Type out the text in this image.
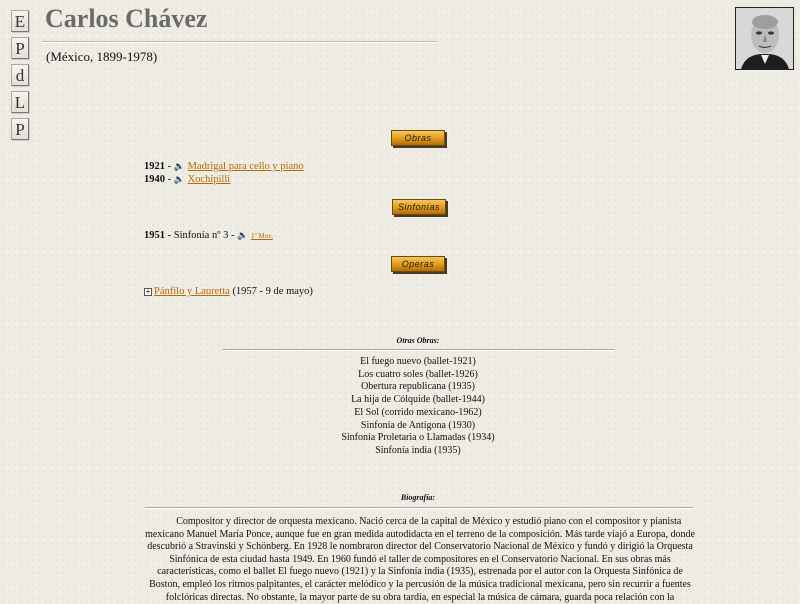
E
P
d
L
P
Carlos Chávez
(México, 1899-1978)
Obras
1921 - 🔈 Madrigal para cello y piano
1940 - 🔈 Xochipilli
Sinfonías
1951 - Sinfonía nº 3 - 🔈 1º Mov.
Operas
+ Pánfilo y Lauretta (1957 - 9 de mayo)
Otras Obras:
El fuego nuevo (ballet-1921)
Los cuatro soles (ballet-1926)
Obertura republicana (1935)
La hija de Cólquide (ballet-1944)
El Sol (corrido mexicano-1962)
Sinfonía de Antígona (1930)
Sinfonía Proletaria o Llamadas (1934)
Sinfonía india (1935)
Biografía:
Compositor y director de orquesta mexicano. Nació cerca de la capital de México y estudió piano con el compositor y pianista mexicano Manuel María Ponce, aunque fue en gran medida autodidacta en el terreno de la composición. Más tarde viajó a Europa, donde descubrió a Stravinski y Schönberg. En 1928 le nombraron director del Conservatorio Nacional de México y fundó y dirigió la Orquesta Sinfónica de esta ciudad hasta 1949. En 1960 fundó el taller de compositores en el Conservatorio Nacional. En sus obras más características, como el ballet El fuego nuevo (1921) y la Sinfonía india (1935), estrenada por el autor con la Orquesta Sinfónica de Boston, empleó los ritmos palpitantes, el carácter melódico y la percusión de la música tradicional mexicana, pero sin recurrir a fuentes folclóricas directas. No obstante, la mayor parte de su obra tardía, en especial la música de cámara, guarda poca relación con la
